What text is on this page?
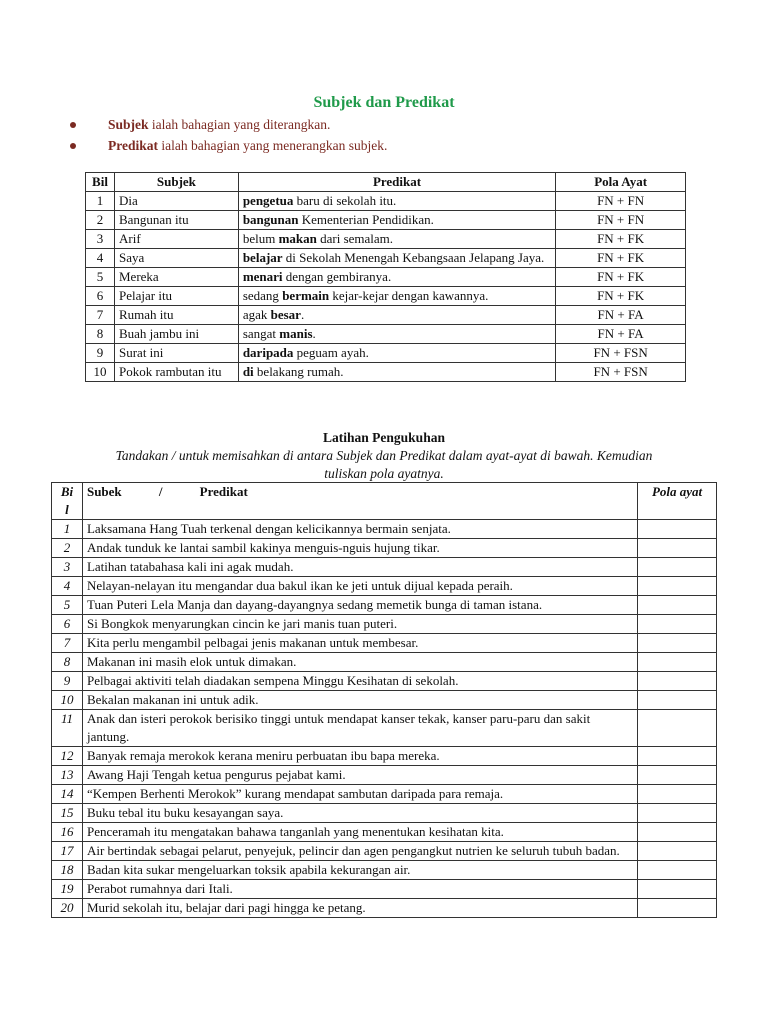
Subjek dan Predikat
Subjek ialah bahagian yang diterangkan.
Predikat ialah bahagian yang menerangkan subjek.
Bil	Subjek	Predikat	Pola Ayat
1	Dia	pengetua baru di sekolah itu.	FN + FN
2	Bangunan itu	bangunan Kementerian Pendidikan.	FN + FN
3	Arif	belum makan dari semalam.	FN + FK
4	Saya	belajar di Sekolah Menengah Kebangsaan Jelapang Jaya.	FN + FK
5	Mereka	menari dengan gembiranya.	FN + FK
6	Pelajar itu	sedang bermain kejar-kejar dengan kawannya.	FN + FK
7	Rumah itu	agak besar.	FN + FA
8	Buah jambu ini	sangat manis.	FN + FA
9	Surat ini	daripada peguam ayah.	FN + FSN
10	Pokok rambutan itu	di belakang rumah.	FN + FSN
Latihan Pengukuhan
Tandakan / untuk memisahkan di antara Subjek dan Predikat dalam ayat-ayat di bawah. Kemudian tuliskan pola ayatnya.
Bil	Subek / Predikat	Pola ayat
1	Laksamana Hang Tuah terkenal dengan kelicikannya bermain senjata.	
2	Andak tunduk ke lantai sambil kakinya menguis-nguis hujung tikar.	
3	Latihan tatabahasa kali ini agak mudah.	
4	Nelayan-nelayan itu mengandar dua bakul ikan ke jeti untuk dijual kepada peraih.	
5	Tuan Puteri Lela Manja dan dayang-dayangnya sedang memetik bunga di taman istana.	
6	Si Bongkok menyarungkan cincin ke jari manis tuan puteri.	
7	Kita perlu mengambil pelbagai jenis makanan untuk membesar.	
8	Makanan ini masih elok untuk dimakan.	
9	Pelbagai aktiviti telah diadakan sempena Minggu Kesihatan di sekolah.	
10	Bekalan makanan ini untuk adik.	
11	Anak dan isteri perokok berisiko tinggi untuk mendapat kanser tekak, kanser paru-paru dan sakit jantung.	
12	Banyak remaja merokok kerana meniru perbuatan ibu bapa mereka.	
13	Awang Haji Tengah ketua pengurus pejabat kami.	
14	“Kempen Berhenti Merokok” kurang mendapat sambutan daripada para remaja.	
15	Buku tebal itu buku kesayangan saya.	
16	Penceramah itu mengatakan bahawa tanganlah yang menentukan kesihatan kita.	
17	Air bertindak sebagai pelarut, penyejuk, pelincir dan agen pengangkut nutrien ke seluruh tubuh badan.	
18	Badan kita sukar mengeluarkan toksik apabila kekurangan air.	
19	Perabot rumahnya dari Itali.	
20	Murid sekolah itu, belajar dari pagi hingga ke petang.	
